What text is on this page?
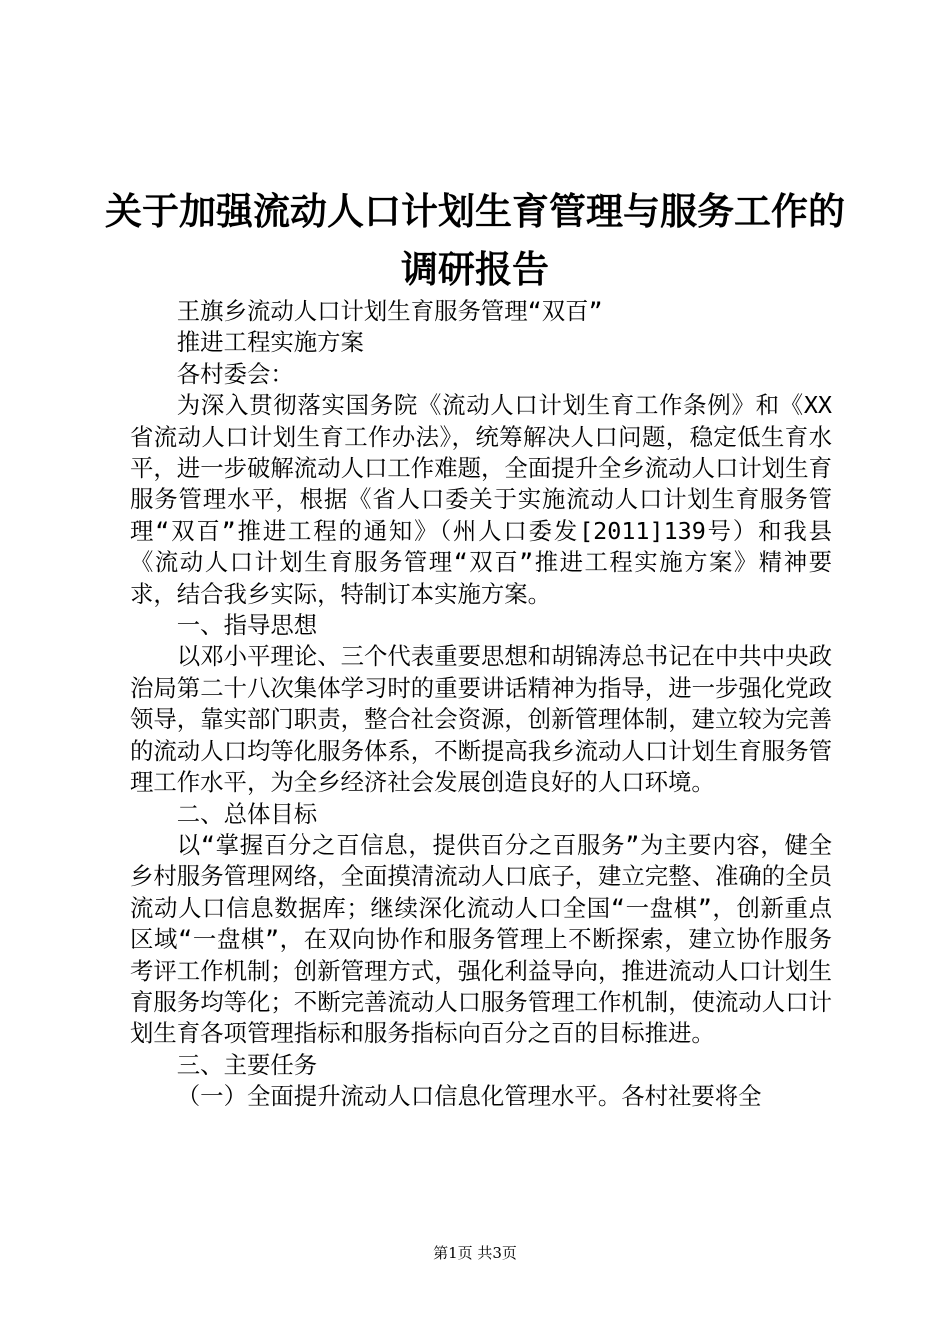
关于加强流动人口计划生育管理与服务工作的
调研报告

王旗乡流动人口计划生育服务管理“双百”

推进工程实施方案

各村委会：

为深入贯彻落实国务院《流动人口计划生育工作条例》和《XX省流动人口计划生育工作办法》，统筹解决人口问题，稳定低生育水平，进一步破解流动人口工作难题，全面提升全乡流动人口计划生育服务管理水平，根据《省人口委关于实施流动人口计划生育服务管理“双百”推进工程的通知》（州人口委发[2011]139号）和我县《流动人口计划生育服务管理“双百”推进工程实施方案》精神要求，结合我乡实际，特制订本实施方案。

一、指导思想

以邓小平理论、三个代表重要思想和胡锦涛总书记在中共中央政治局第二十八次集体学习时的重要讲话精神为指导，进一步强化党政领导，靠实部门职责，整合社会资源，创新管理体制，建立较为完善的流动人口均等化服务体系，不断提高我乡流动人口计划生育服务管理工作水平，为全乡经济社会发展创造良好的人口环境。

二、总体目标

以“掌握百分之百信息，提供百分之百服务”为主要内容，健全乡村服务管理网络，全面摸清流动人口底子，建立完整、准确的全员流动人口信息数据库；继续深化流动人口全国“一盘棋”，创新重点区域“一盘棋”，在双向协作和服务管理上不断探索，建立协作服务考评工作机制；创新管理方式，强化利益导向，推进流动人口计划生育服务均等化；不断完善流动人口服务管理工作机制，使流动人口计划生育各项管理指标和服务指标向百分之百的目标推进。

三、主要任务

（一）全面提升流动人口信息化管理水平。各村社要将全

第1页 共3页
